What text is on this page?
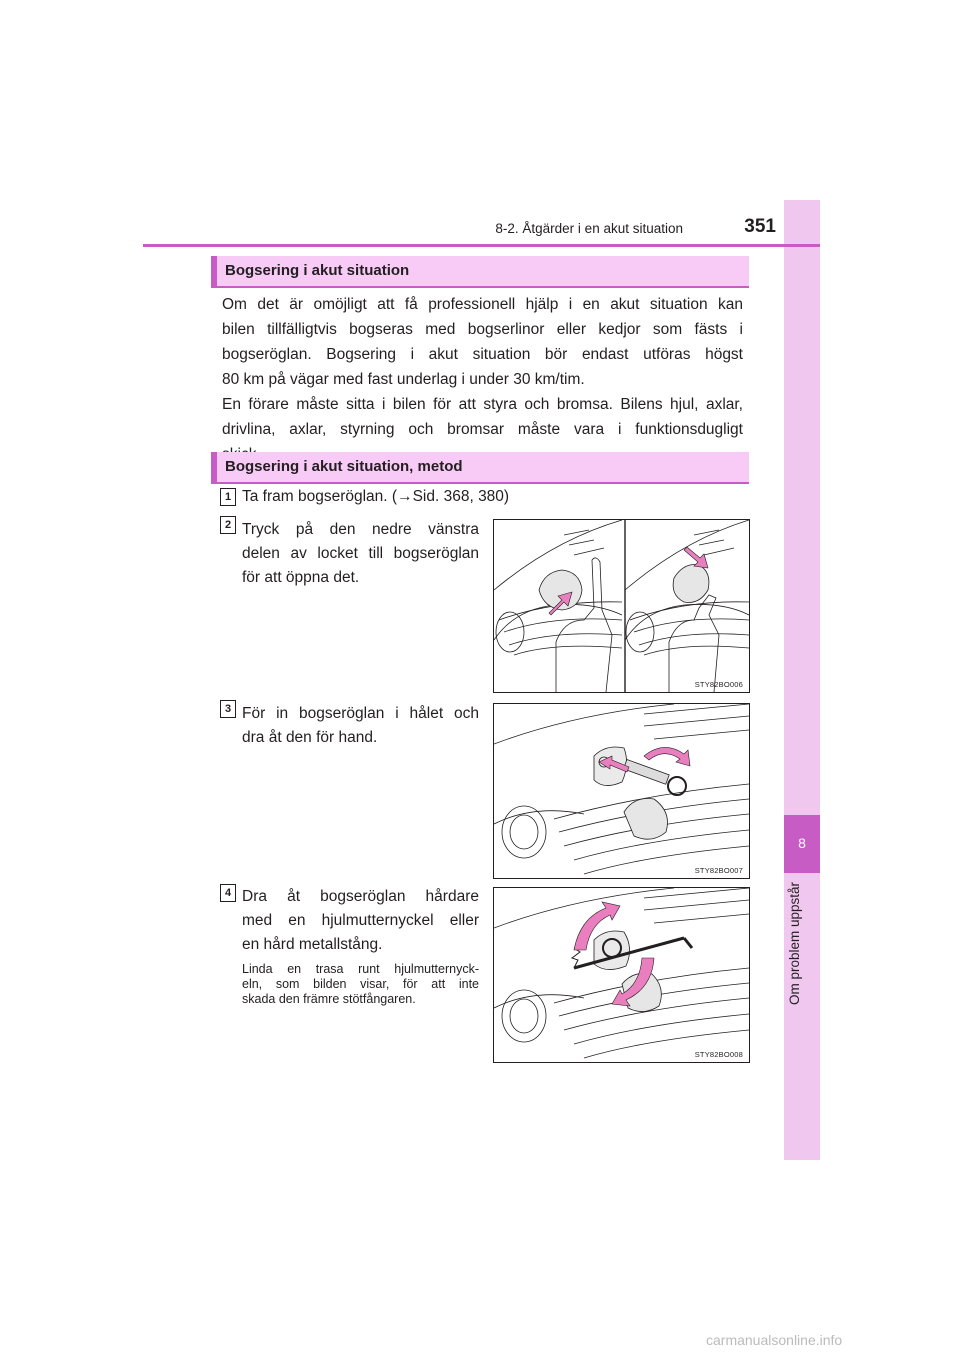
8
Om problem uppstår
8-2. Åtgärder i en akut situation	351
Bogsering i akut situation
Om det är omöjligt att få professionell hjälp i en akut situation kan
bilen tillfälligtvis bogseras med bogserlinor eller kedjor som fästs i
bogseröglan. Bogsering i akut situation bör endast utföras högst
80 km på vägar med fast underlag i under 30 km/tim.
En förare måste sitta i bilen för att styra och bromsa. Bilens hjul, axlar,
drivlina, axlar, styrning och bromsar måste vara i funktionsdugligt
Bogsering i akut situation, metod
1 Ta fram bogseröglan. (→Sid. 368, 380)
2 Tryck på den nedre vänstra
delen av locket till bogseröglan
för att öppna det.
STY82BO006
3 För in bogseröglan i hålet och
dra åt den för hand.
STY82BO007
4 Dra åt bogseröglan hårdare
med en hjulmutternyckel eller
en hård metallstång.
Linda en trasa runt hjulmutternyck-
eln, som bilden visar, för att inte
skada den främre stötfångaren.
STY82BO008
carmanualsonline.info
